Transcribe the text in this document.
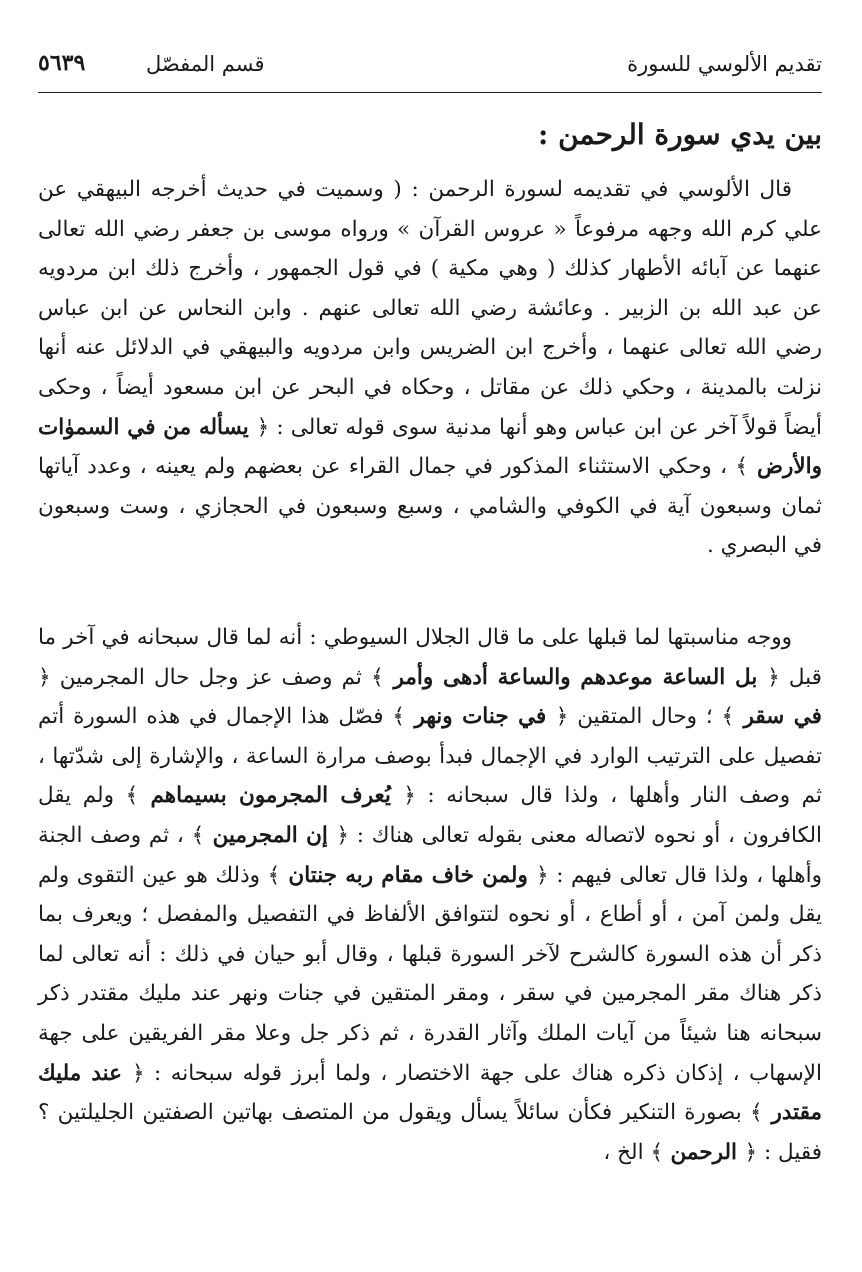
تقديم الألوسي للسورة
قسم المفصّل
٥٦٣٩
بين يدي سورة الرحمن :

قال الألوسي في تقديمه لسورة الرحمن : ( وسميت في حديث أخرجه البيهقي عن علي كرم الله وجهه مرفوعاً « عروس القرآن » ورواه موسى بن جعفر رضي الله تعالى عنهما عن آبائه الأطهار كذلك ( وهي مكية ) في قول الجمهور ، وأخرج ذلك ابن مردويه عن عبد الله بن الزبير . وعائشة رضي الله تعالى عنهم . وابن النحاس عن ابن عباس رضي الله تعالى عنهما ، وأخرج ابن الضريس وابن مردويه والبيهقي في الدلائل عنه أنها نزلت بالمدينة ، وحكي ذلك عن مقاتل ، وحكاه في البحر عن ابن مسعود أيضاً ، وحكى أيضاً قولاً آخر عن ابن عباس وهو أنها مدنية سوى قوله تعالى : ﴿ يسأله من في السموٰات والأرض ﴾ ، وحكي الاستثناء المذكور في جمال القراء عن بعضهم ولم يعينه ، وعدد آياتها ثمان وسبعون آية في الكوفي والشامي ، وسبع وسبعون في الحجازي ، وست وسبعون في البصري .

ووجه مناسبتها لما قبلها على ما قال الجلال السيوطي : أنه لما قال سبحانه في آخر ما قبل ﴿ بل الساعة موعدهم والساعة أدهى وأمر ﴾ ثم وصف عز وجل حال المجرمين ﴿ في سقر ﴾ ؛ وحال المتقين ﴿ في جنات ونهر ﴾ فصّل هذا الإجمال في هذه السورة أتم تفصيل على الترتيب الوارد في الإجمال فبدأ بوصف مرارة الساعة ، والإشارة إلى شدّتها ، ثم وصف النار وأهلها ، ولذا قال سبحانه : ﴿ يُعرف المجرمون بسيماهم ﴾ ولم يقل الكافرون ، أو نحوه لاتصاله معنى بقوله تعالى هناك : ﴿ إن المجرمين ﴾ ، ثم وصف الجنة وأهلها ، ولذا قال تعالى فيهم : ﴿ ولمن خاف مقام ربه جنتان ﴾ وذلك هو عين التقوى ولم يقل ولمن آمن ، أو أطاع ، أو نحوه لتتوافق الألفاظ في التفصيل والمفصل ؛ ويعرف بما ذكر أن هذه السورة كالشرح لآخر السورة قبلها ، وقال أبو حيان في ذلك : أنه تعالى لما ذكر هناك مقر المجرمين في سقر ، ومقر المتقين في جنات ونهر عند مليك مقتدر ذكر سبحانه هنا شيئاً من آيات الملك وآثار القدرة ، ثم ذكر جل وعلا مقر الفريقين على جهة الإسهاب ، إذكان ذكره هناك على جهة الاختصار ، ولما أبرز قوله سبحانه : ﴿ عند مليك مقتدر ﴾ بصورة التنكير فكأن سائلاً يسأل ويقول من المتصف بهاتين الصفتين الجليلتين ؟ فقيل : ﴿ الرحمن ﴾ الخ ،
